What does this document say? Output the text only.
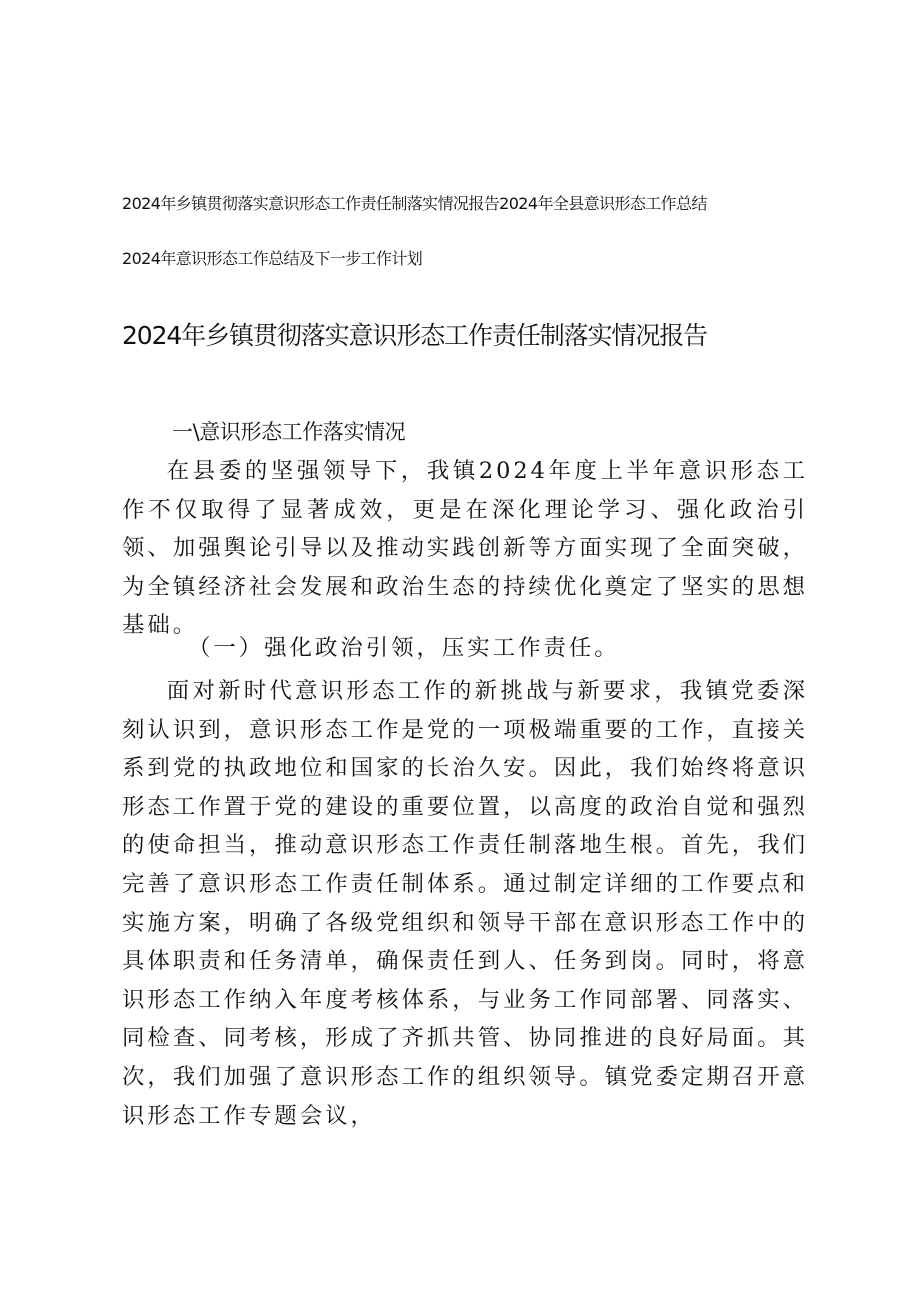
2024年乡镇贯彻落实意识形态工作责任制落实情况报告2024年全县意识形态工作总结
2024年意识形态工作总结及下一步工作计划
2024年乡镇贯彻落实意识形态工作责任制落实情况报告
一\意识形态工作落实情况

在县委的坚强领导下，我镇2024年度上半年意识形态工作不仅取得了显著成效，更是在深化理论学习、强化政治引领、加强舆论引导以及推动实践创新等方面实现了全面突破，为全镇经济社会发展和政治生态的持续优化奠定了坚实的思想基础。

（一）强化政治引领，压实工作责任。

面对新时代意识形态工作的新挑战与新要求，我镇党委深刻认识到，意识形态工作是党的一项极端重要的工作，直接关系到党的执政地位和国家的长治久安。因此，我们始终将意识形态工作置于党的建设的重要位置，以高度的政治自觉和强烈的使命担当，推动意识形态工作责任制落地生根。首先，我们完善了意识形态工作责任制体系。通过制定详细的工作要点和实施方案，明确了各级党组织和领导干部在意识形态工作中的具体职责和任务清单，确保责任到人、任务到岗。同时，将意识形态工作纳入年度考核体系，与业务工作同部署、同落实、同检查、同考核，形成了齐抓共管、协同推进的良好局面。其次，我们加强了意识形态工作的组织领导。镇党委定期召开意识形态工作专题会议，
